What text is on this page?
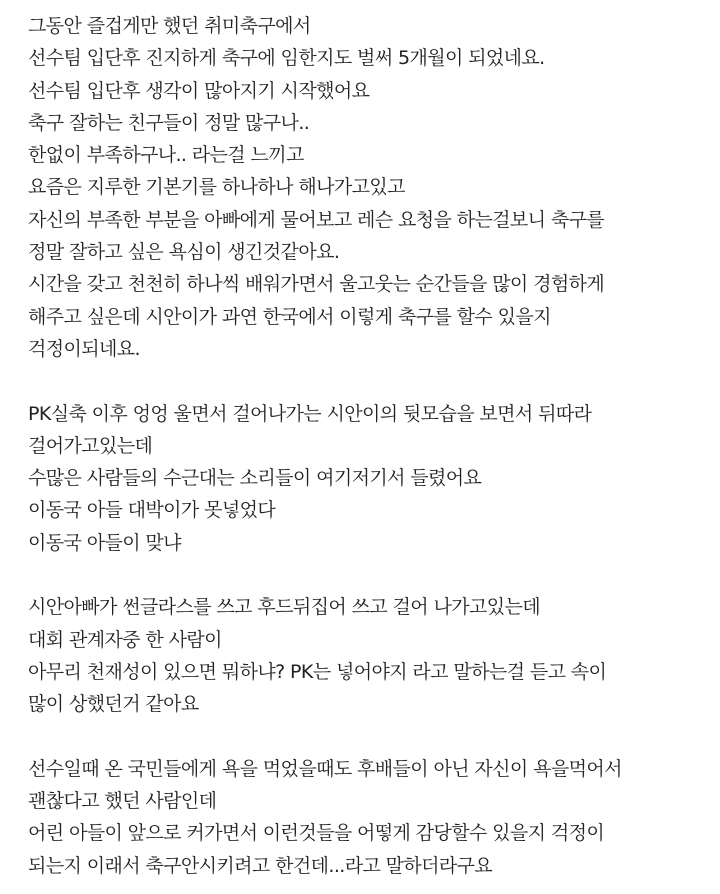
그동안 즐겁게만 했던 취미축구에서
선수팀 입단후 진지하게 축구에 임한지도 벌써 5개월이 되었네요.
선수팀 입단후 생각이 많아지기 시작했어요
축구 잘하는 친구들이 정말 많구나..
한없이 부족하구나.. 라는걸 느끼고
요즘은 지루한 기본기를 하나하나 해나가고있고
자신의 부족한 부분을 아빠에게 물어보고 레슨 요청을 하는걸보니 축구를
정말 잘하고 싶은 욕심이 생긴것같아요.
시간을 갖고 천천히 하나씩 배워가면서 울고웃는 순간들을 많이 경험하게
해주고 싶은데 시안이가 과연 한국에서 이렇게 축구를 할수 있을지
걱정이되네요.
PK실축 이후 엉엉 울면서 걸어나가는 시안이의 뒷모습을 보면서 뒤따라
걸어가고있는데
수많은 사람들의 수근대는 소리들이 여기저기서 들렸어요
이동국 아들 대박이가 못넣었다
이동국 아들이 맞냐
시안아빠가 썬글라스를 쓰고 후드뒤집어 쓰고 걸어 나가고있는데
대회 관계자중 한 사람이
아무리 천재성이 있으면 뭐하냐? PK는 넣어야지 라고 말하는걸 듣고 속이
많이 상했던거 같아요
선수일때 온 국민들에게 욕을 먹었을때도 후배들이 아닌 자신이 욕을먹어서
괜찮다고 했던 사람인데
어린 아들이 앞으로 커가면서 이런것들을 어떻게 감당할수 있을지 걱정이
되는지 이래서 축구안시키려고 한건데...라고 말하더라구요
